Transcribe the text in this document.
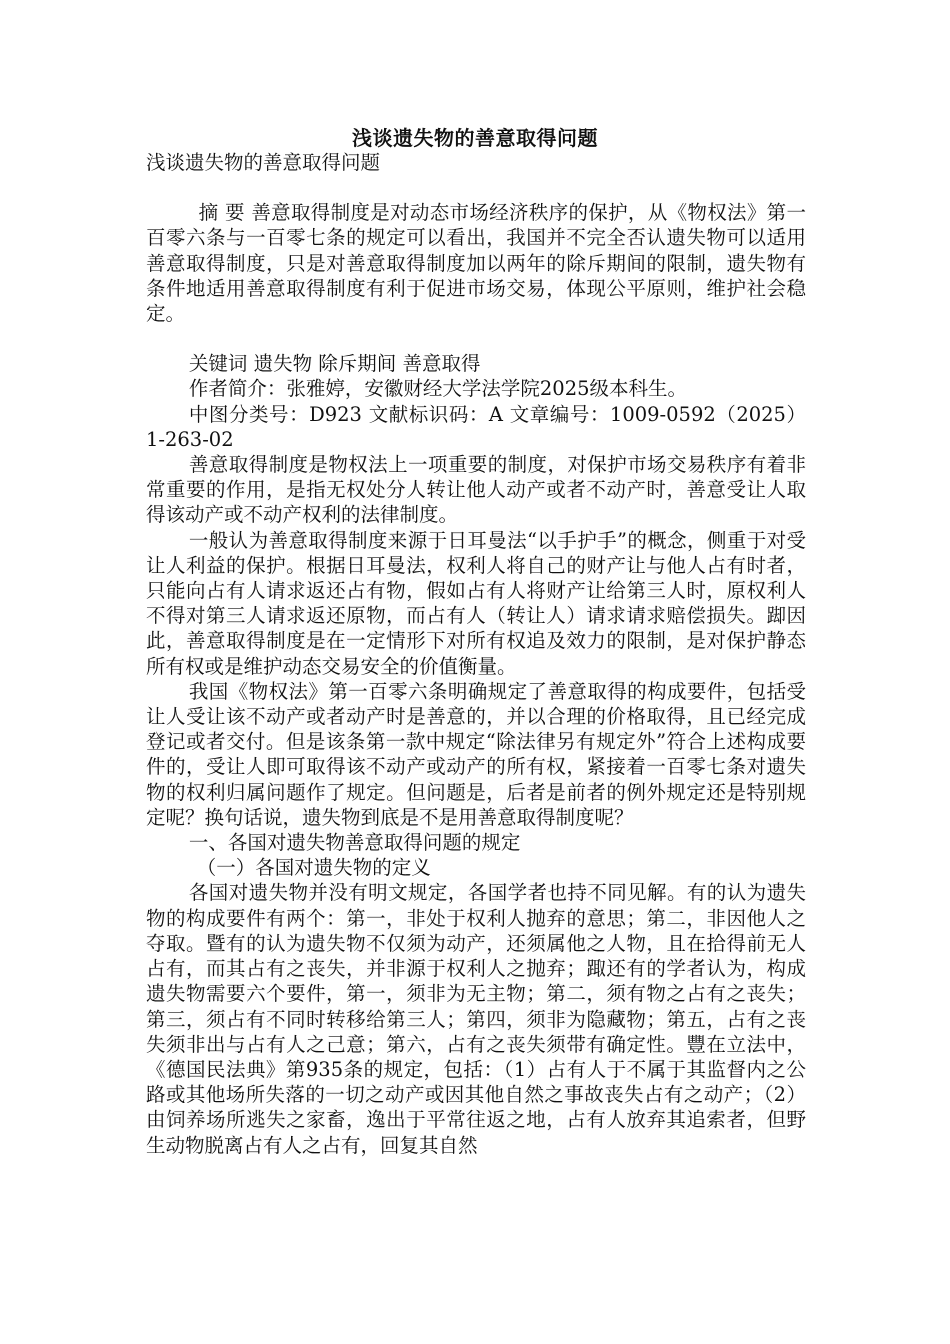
浅谈遗失物的善意取得问题

浅谈遗失物的善意取得问题

摘 要 善意取得制度是对动态市场经济秩序的保护，从《物权法》第一百零六条与一百零七条的规定可以看出，我国并不完全否认遗失物可以适用善意取得制度，只是对善意取得制度加以两年的除斥期间的限制，遗失物有条件地适用善意取得制度有利于促进市场交易，体现公平原则，维护社会稳定。

关键词 遗失物 除斥期间 善意取得

作者简介：张雅婷，安徽财经大学法学院2025级本科生。

中图分类号：D923 文献标识码：A 文章编号：1009-0592（2025）1-263-02

善意取得制度是物权法上一项重要的制度，对保护市场交易秩序有着非常重要的作用，是指无权处分人转让他人动产或者不动产时，善意受让人取得该动产或不动产权利的法律制度。

一般认为善意取得制度来源于日耳曼法“以手护手”的概念，侧重于对受让人利益的保护。根据日耳曼法，权利人将自己的财产让与他人占有时者，只能向占有人请求返还占有物，假如占有人将财产让给第三人时，原权利人不得对第三人请求返还原物，而占有人（转让人）请求请求赔偿损失。踋因此，善意取得制度是在一定情形下对所有权追及效力的限制，是对保护静态所有权或是维护动态交易安全的价值衡量。

我国《物权法》第一百零六条明确规定了善意取得的构成要件，包括受让人受让该不动产或者动产时是善意的，并以合理的价格取得，且已经完成登记或者交付。但是该条第一款中规定“除法律另有规定外”符合上述构成要件的，受让人即可取得该不动产或动产的所有权，紧接着一百零七条对遗失物的权利归属问题作了规定。但问题是，后者是前者的例外规定还是特别规定呢？换句话说，遗失物到底是不是用善意取得制度呢？

一、各国对遗失物善意取得问题的规定

（一）各国对遗失物的定义

各国对遗失物并没有明文规定，各国学者也持不同见解。有的认为遗失物的构成要件有两个：第一，非处于权利人抛弃的意思；第二，非因他人之夺取。暨有的认为遗失物不仅须为动产，还须属他之人物，且在拾得前无人占有，而其占有之丧失，并非源于权利人之抛弃；踙还有的学者认为，构成遗失物需要六个要件，第一，须非为无主物；第二，须有物之占有之丧失；第三，须占有不同时转移给第三人；第四，须非为隐藏物；第五，占有之丧失须非出与占有人之己意；第六，占有之丧失须带有确定性。豐在立法中，《德国民法典》第935条的规定，包括：（1）占有人于不属于其监督内之公路或其他场所失落的一切之动产或因其他自然之事故丧失占有之动产；（2）由饲养场所逃失之家畜，逸出于平常往返之地，占有人放弃其追索者，但野生动物脱离占有人之占有，回复其自然
